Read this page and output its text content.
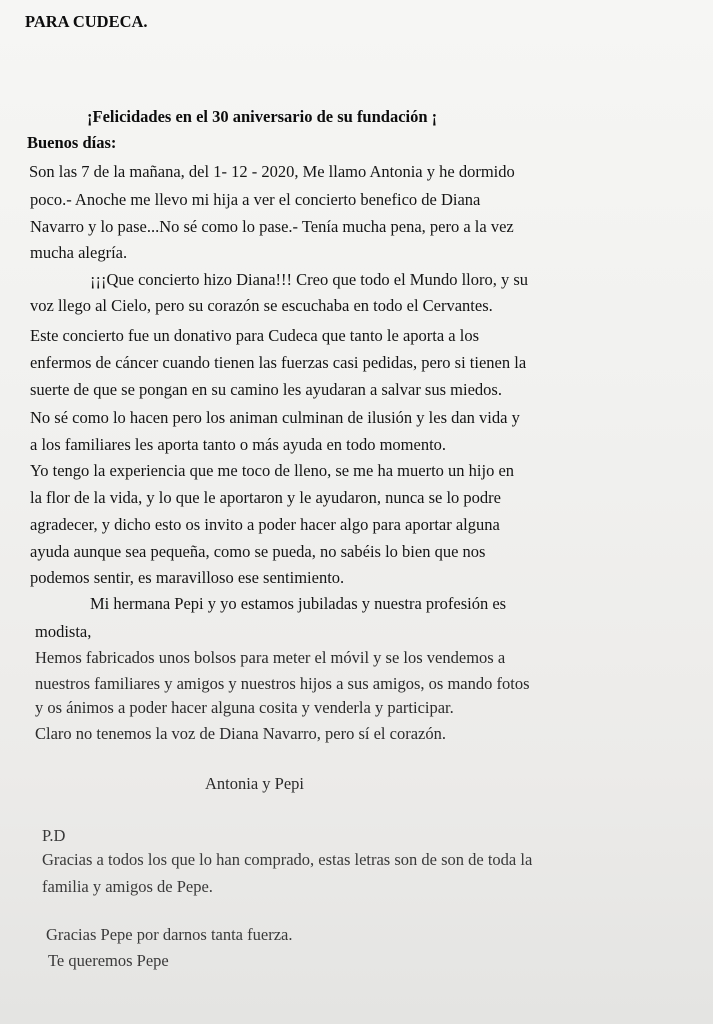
PARA CUDECA.
¡Felicidades en el 30 aniversario de su fundación ¡
Buenos días:
Son las 7 de la mañana, del 1- 12 - 2020, Me llamo Antonia y he dormido
poco.- Anoche me llevo mi hija a ver el concierto benefico de Diana
Navarro y lo pase...No sé como lo pase.- Tenía mucha pena, pero a la vez
mucha alegría.
¡¡¡Que concierto hizo Diana!!! Creo que todo el Mundo lloro, y su
voz llego al Cielo, pero su corazón se escuchaba en todo el Cervantes.
Este concierto fue un donativo para Cudeca que tanto le aporta a los
enfermos de cáncer cuando tienen las fuerzas casi pedidas, pero si tienen la
suerte de que se pongan en su camino les ayudaran a salvar sus miedos.
No sé como lo hacen pero los animan culminan de ilusión y les dan vida y
a los familiares les aporta tanto o más ayuda en todo momento.
Yo tengo la experiencia que me toco de lleno, se me ha muerto un hijo en
la flor de la vida, y lo que le aportaron y le ayudaron, nunca se lo podre
agradecer, y dicho esto os invito a poder hacer algo para aportar alguna
ayuda aunque sea pequeña, como se pueda, no sabéis lo bien que nos
podemos sentir, es maravilloso ese sentimiento.
Mi hermana Pepi y yo estamos jubiladas y nuestra profesión es
modista,
Hemos fabricados unos bolsos para meter el móvil y se los vendemos a
nuestros familiares y amigos y nuestros hijos a sus amigos, os mando fotos
y os ánimos a poder hacer alguna cosita y venderla y participar.
Claro no tenemos la voz de Diana Navarro, pero sí el corazón.
Antonia y Pepi
P.D
Gracias a todos los que lo han comprado, estas letras son de son de toda la
familia y amigos de Pepe.
Gracias Pepe por darnos tanta fuerza.
Te queremos Pepe
